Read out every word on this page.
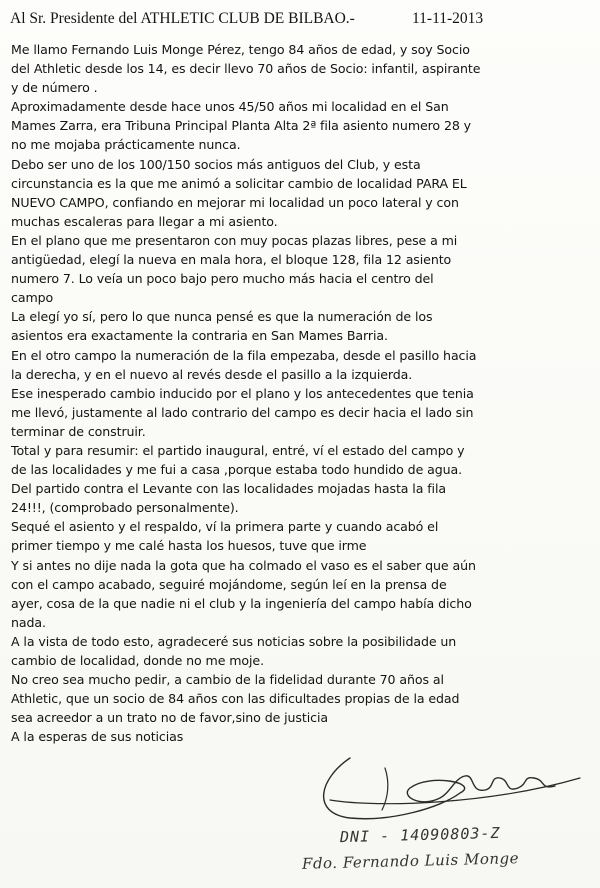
Al Sr. Presidente del ATHLETIC CLUB DE BILBAO.-	11-11-2013

Me llamo Fernando Luis Monge Pérez, tengo 84 años de edad, y soy Socio

del Athletic desde los 14, es decir llevo 70 años de Socio: infantil, aspirante

y de número .

Aproximadamente desde hace unos 45/50 años mi localidad en el San

Mames Zarra, era Tribuna Principal Planta Alta 2ª fila asiento numero 28 y

no me mojaba prácticamente nunca.

Debo ser uno de los 100/150 socios más antiguos del Club, y esta

circunstancia es la que me animó a solicitar cambio de localidad PARA EL

NUEVO CAMPO, confiando en mejorar mi localidad un poco lateral y con

muchas escaleras para llegar a mi asiento.

En el plano que me presentaron con muy pocas plazas libres, pese a mi

antigüedad, elegí la nueva en mala hora, el bloque 128, fila 12 asiento

numero 7. Lo veía un poco bajo pero mucho más hacia el centro del

campo

La elegí yo sí, pero lo que nunca pensé es que la numeración de los

asientos era exactamente la contraria en San Mames Barria.

En el otro campo la numeración de la fila empezaba, desde el pasillo hacia

la derecha, y en el nuevo al revés desde el pasillo a la izquierda.

Ese inesperado cambio inducido por el plano y los antecedentes que tenia

me llevó, justamente al lado contrario del campo es decir hacia el lado sin

terminar de construir.

Total y para resumir: el partido inaugural, entré, ví el estado del campo y

de las localidades y me fui a casa ,porque estaba todo hundido de agua.

Del partido contra el Levante con las localidades mojadas hasta la fila

24!!!, (comprobado personalmente).

Sequé el asiento y el respaldo, ví la primera parte y cuando acabó el

primer tiempo y me calé hasta los huesos, tuve que irme

Y si antes no dije nada la gota que ha colmado el vaso es el saber que aún

con el campo acabado, seguiré mojándome, según leí en la prensa de

ayer, cosa de la que nadie ni el club y la ingeniería del campo había dicho

nada.

A la vista de todo esto, agradeceré sus noticias sobre la posibilidade un

cambio de localidad, donde no me moje.

No creo sea mucho pedir, a cambio de la fidelidad durante 70 años al

Athletic, que un socio de 84 años con las dificultades propias de la edad

sea acreedor a un trato no de favor,sino de justicia

A la esperas de sus noticias

DNI - 14090803-Z
Fdo. Fernando Luis Monge
